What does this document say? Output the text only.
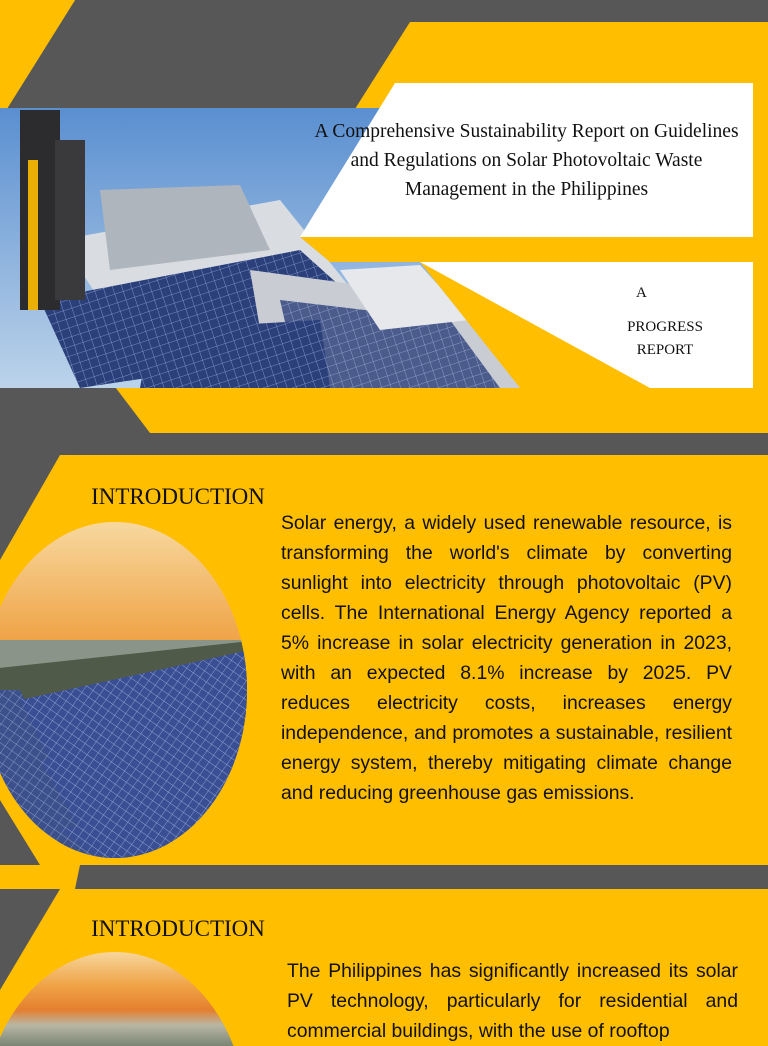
A Comprehensive Sustainability Report on Guidelines and Regulations on Solar Photovoltaic Waste Management in the Philippines

A
PROGRESS REPORT

INTRODUCTION

Solar energy, a widely used renewable resource, is transforming the world's climate by converting sunlight into electricity through photovoltaic (PV) cells. The International Energy Agency reported a 5% increase in solar electricity generation in 2023, with an expected 8.1% increase by 2025. PV reduces electricity costs, increases energy independence, and promotes a sustainable, resilient energy system, thereby mitigating climate change and reducing greenhouse gas emissions.

INTRODUCTION

The Philippines has significantly increased its solar PV technology, particularly for residential and commercial buildings, with the use of rooftop
